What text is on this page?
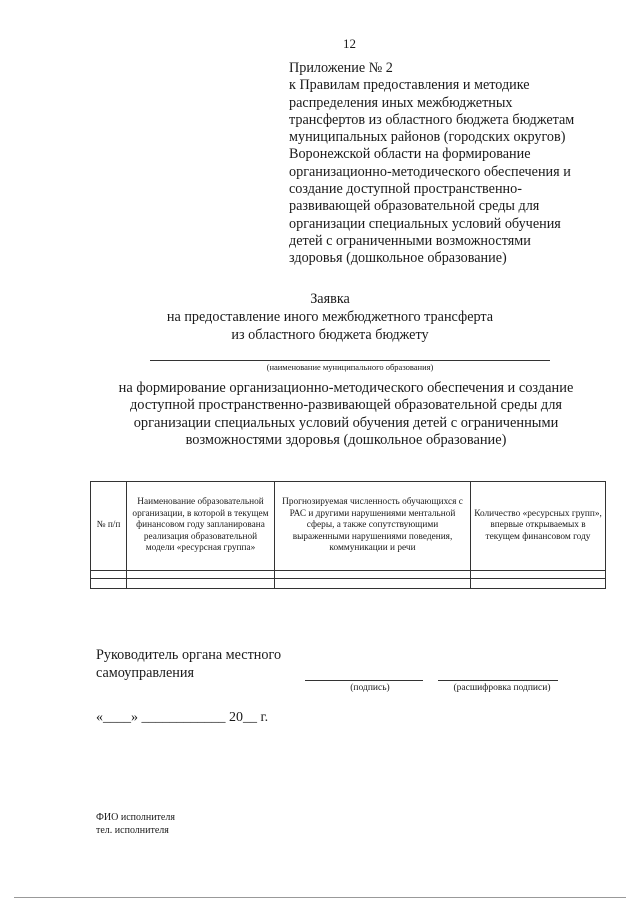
12
Приложение № 2
к Правилам предоставления и методике
распределения иных межбюджетных
трансфертов из областного бюджета бюджетам
муниципальных районов (городских округов)
Воронежской области на формирование
организационно-методического обеспечения и
создание доступной пространственно-
развивающей образовательной среды для
организации специальных условий обучения
детей с ограниченными возможностями
здоровья (дошкольное образование)
Заявка
на предоставление иного межбюджетного трансферта
из областного бюджета бюджету
(наименование муниципального образования)
на формирование организационно-методического обеспечения и создание
доступной пространственно-развивающей образовательной среды для
организации специальных условий обучения детей с ограниченными
возможностями здоровья (дошкольное образование)
№ п/п	Наименование образовательной организации, в которой в текущем финансовом году запланирована реализация образовательной модели «ресурсная группа»	Прогнозируемая численность обучающихся с РАС и другими нарушениями ментальной сферы, а также сопутствующими выраженными нарушениями поведения, коммуникации и речи	Количество «ресурсных групп», впервые открываемых в текущем финансовом году

Руководитель органа местного самоуправления
(подпись)	(расшифровка подписи)
«____» ____________ 20__ г.
ФИО исполнителя
тел. исполнителя
